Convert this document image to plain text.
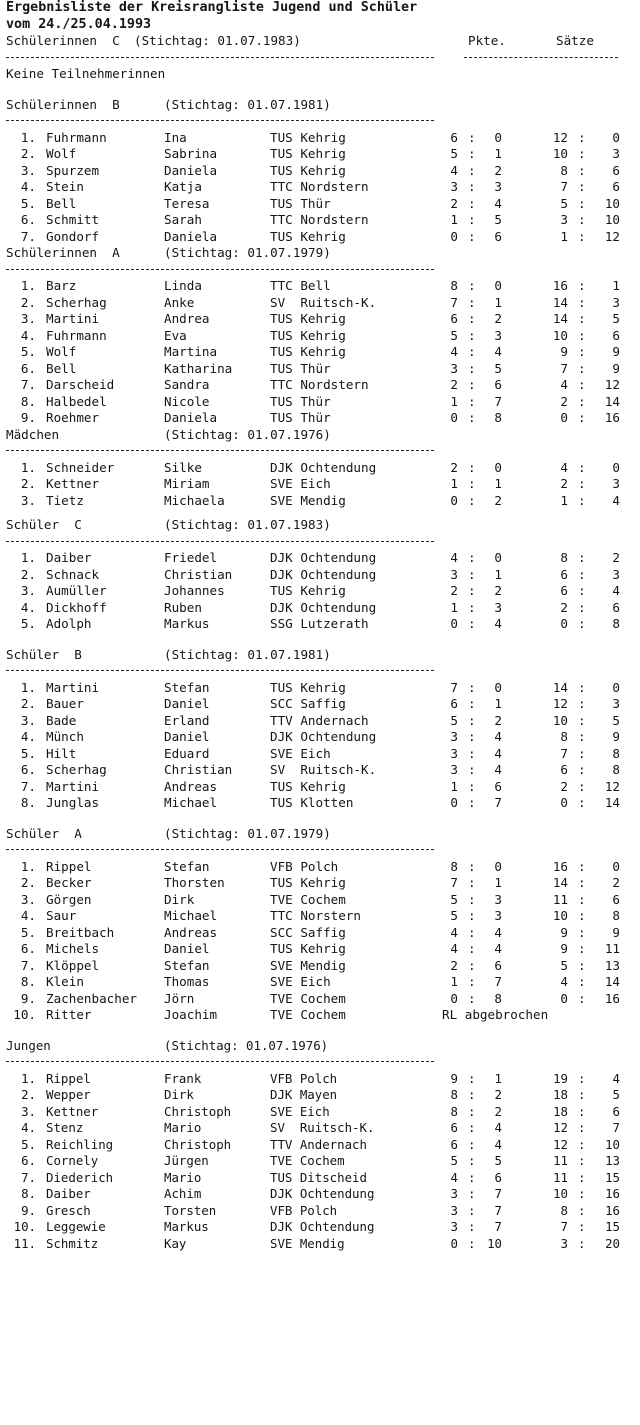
Ergebnisliste der Kreisrangliste Jugend und Schüler
vom 24./25.04.1993
Schülerinnen  C (Stichtag: 01.07.1983)	Pkte.	Sätze
Keine Teilnehmerinnen
Schülerinnen  B	(Stichtag: 01.07.1981)
1. Fuhrmann	Ina	TUS Kehrig	6 :	0	12 :	0
2. Wolf	Sabrina	TUS Kehrig	5 :	1	10 :	3
3. Spurzem	Daniela	TUS Kehrig	4 :	2	8 :	6
4. Stein	Katja	TTC Nordstern	3 :	3	7 :	6
5. Bell	Teresa	TUS Thür	2 :	4	5 :	10
6. Schmitt	Sarah	TTC Nordstern	1 :	5	3 :	10
7. Gondorf	Daniela	TUS Kehrig	0 :	6	1 :	12
Schülerinnen  A	(Stichtag: 01.07.1979)
1. Barz	Linda	TTC Bell	8 :	0	16 :	1
2. Scherhag	Anke	SV  Ruitsch-K.	7 :	1	14 :	3
3. Martini	Andrea	TUS Kehrig	6 :	2	14 :	5
4. Fuhrmann	Eva	TUS Kehrig	5 :	3	10 :	6
5. Wolf	Martina	TUS Kehrig	4 :	4	9 :	9
6. Bell	Katharina	TUS Thür	3 :	5	7 :	9
7. Darscheid	Sandra	TTC Nordstern	2 :	6	4 :	12
8. Halbedel	Nicole	TUS Thür	1 :	7	2 :	14
9. Roehmer	Daniela	TUS Thür	0 :	8	0 :	16
Mädchen	(Stichtag: 01.07.1976)
1. Schneider	Silke	DJK Ochtendung	2 :	0	4 :	0
2. Kettner	Miriam	SVE Eich	1 :	1	2 :	3
3. Tietz	Michaela	SVE Mendig	0 :	2	1 :	4
Schüler  C	(Stichtag: 01.07.1983)
1. Daiber	Friedel	DJK Ochtendung	4 :	0	8 :	2
2. Schnack	Christian	DJK Ochtendung	3 :	1	6 :	3
3. Aumüller	Johannes	TUS Kehrig	2 :	2	6 :	4
4. Dickhoff	Ruben	DJK Ochtendung	1 :	3	2 :	6
5. Adolph	Markus	SSG Lutzerath	0 :	4	0 :	8
Schüler  B	(Stichtag: 01.07.1981)
1. Martini	Stefan	TUS Kehrig	7 :	0	14 :	0
2. Bauer	Daniel	SCC Saffig	6 :	1	12 :	3
3. Bade	Erland	TTV Andernach	5 :	2	10 :	5
4. Münch	Daniel	DJK Ochtendung	3 :	4	8 :	9
5. Hilt	Eduard	SVE Eich	3 :	4	7 :	8
6. Scherhag	Christian	SV  Ruitsch-K.	3 :	4	6 :	8
7. Martini	Andreas	TUS Kehrig	1 :	6	2 :	12
8. Junglas	Michael	TUS Klotten	0 :	7	0 :	14
Schüler  A	(Stichtag: 01.07.1979)
1. Rippel	Stefan	VFB Polch	8 :	0	16 :	0
2. Becker	Thorsten	TUS Kehrig	7 :	1	14 :	2
3. Görgen	Dirk	TVE Cochem	5 :	3	11 :	6
4. Saur	Michael	TTC Norstern	5 :	3	10 :	8
5. Breitbach	Andreas	SCC Saffig	4 :	4	9 :	9
6. Michels	Daniel	TUS Kehrig	4 :	4	9 :	11
7. Klöppel	Stefan	SVE Mendig	2 :	6	5 :	13
8. Klein	Thomas	SVE Eich	1 :	7	4 :	14
9. Zachenbacher Jörn	TVE Cochem	0 :	8	0 :	16
10. Ritter	Joachim	TVE Cochem	RL abgebrochen
Jungen	(Stichtag: 01.07.1976)
1. Rippel	Frank	VFB Polch	9 :	1	19 :	4
2. Wepper	Dirk	DJK Mayen	8 :	2	18 :	5
3. Kettner	Christoph	SVE Eich	8 :	2	18 :	6
4. Stenz	Mario	SV  Ruitsch-K.	6 :	4	12 :	7
5. Reichling	Christoph	TTV Andernach	6 :	4	12 :	10
6. Cornely	Jürgen	TVE Cochem	5 :	5	11 :	13
7. Diederich	Mario	TUS Ditscheid	4 :	6	11 :	15
8. Daiber	Achim	DJK Ochtendung	3 :	7	10 :	16
9. Gresch	Torsten	VFB Polch	3 :	7	8 :	16
10. Leggewie	Markus	DJK Ochtendung	3 :	7	7 :	15
11. Schmitz	Kay	SVE Mendig	0 : 10	3 :	20
